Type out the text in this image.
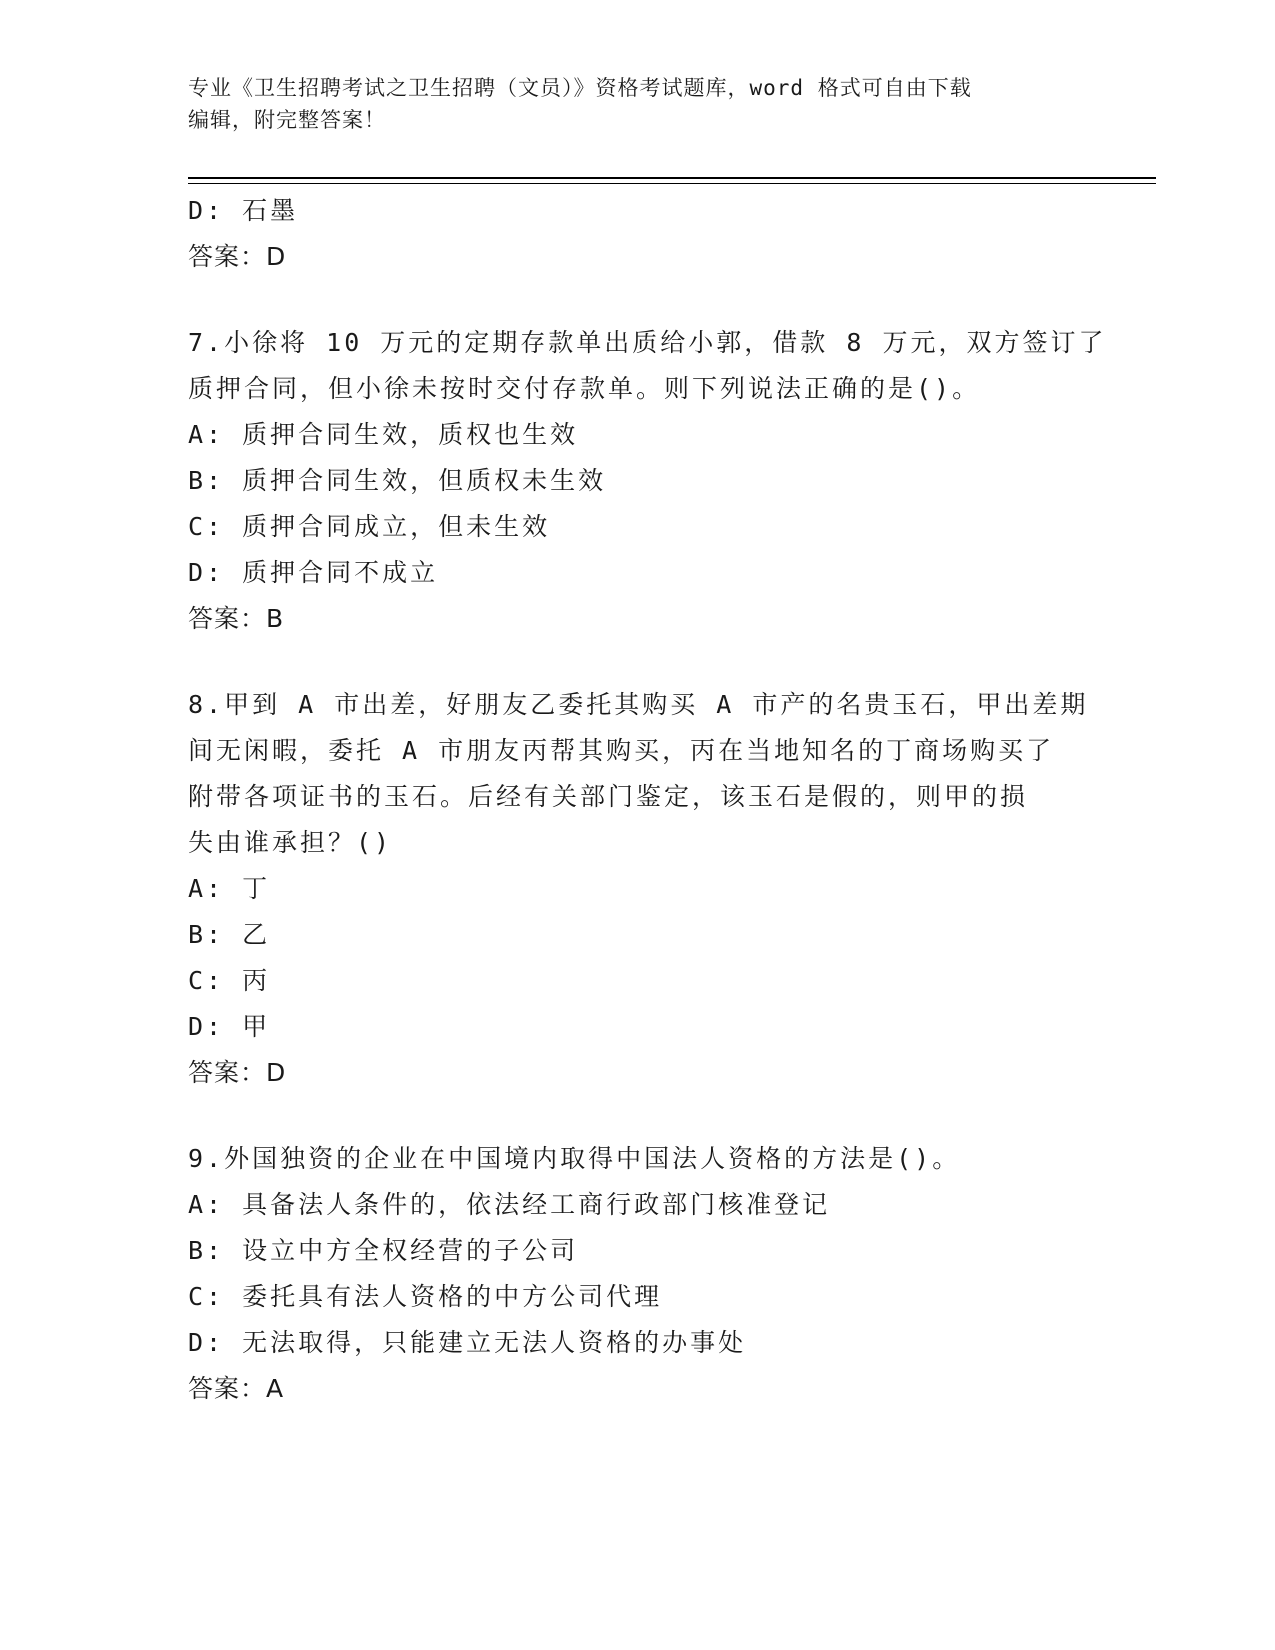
专业《卫生招聘考试之卫生招聘（文员）》资格考试题库，word 格式可自由下载
编辑，附完整答案！
D: 石墨
答案：D
7.小徐将 10 万元的定期存款单出质给小郭，借款 8 万元，双方签订了
质押合同，但小徐未按时交付存款单。则下列说法正确的是()。
A: 质押合同生效，质权也生效
B: 质押合同生效，但质权未生效
C: 质押合同成立，但未生效
D: 质押合同不成立
答案：B
8.甲到 A 市出差，好朋友乙委托其购买 A 市产的名贵玉石，甲出差期
间无闲暇，委托 A 市朋友丙帮其购买，丙在当地知名的丁商场购买了
附带各项证书的玉石。后经有关部门鉴定，该玉石是假的，则甲的损
失由谁承担？()
A: 丁
B: 乙
C: 丙
D: 甲
答案：D
9.外国独资的企业在中国境内取得中国法人资格的方法是()。
A: 具备法人条件的，依法经工商行政部门核准登记
B: 设立中方全权经营的子公司
C: 委托具有法人资格的中方公司代理
D: 无法取得，只能建立无法人资格的办事处
答案：A
